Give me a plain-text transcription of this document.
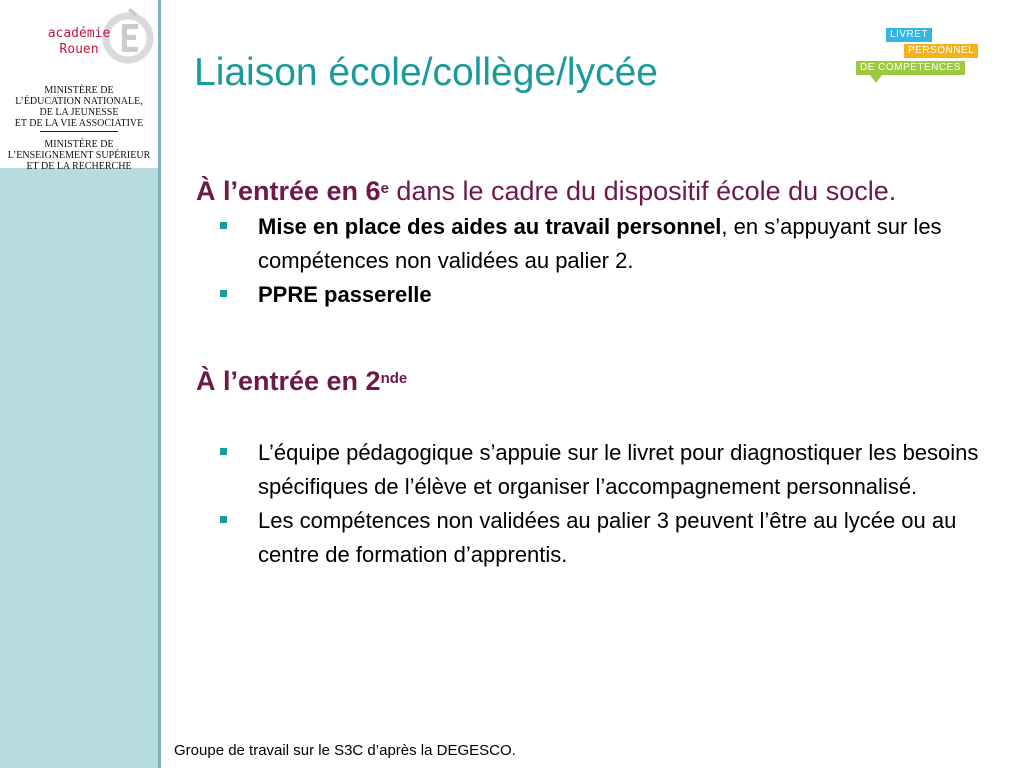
académie
Rouen
MINISTÈRE DE
L’ÉDUCATION NATIONALE,
DE LA JEUNESSE
ET DE LA VIE ASSOCIATIVE
MINISTÈRE DE
L’ENSEIGNEMENT SUPÉRIEUR
ET DE LA RECHERCHE
Liaison école/collège/lycée
LIVRET
PERSONNEL
DE COMPÉTENCES

À l’entrée en 6e dans le cadre du dispositif école du socle.

Mise en place des aides au travail personnel, en s’appuyant sur les compétences non validées au palier 2.
PPRE passerelle

À l’entrée en 2nde

L’équipe pédagogique s’appuie sur le livret pour diagnostiquer les besoins spécifiques de l’élève et organiser l’accompagnement personnalisé.
Les compétences non validées au palier 3 peuvent l’être au lycée ou au centre de formation d’apprentis.
Groupe de travail sur le S3C d’après la DEGESCO.
